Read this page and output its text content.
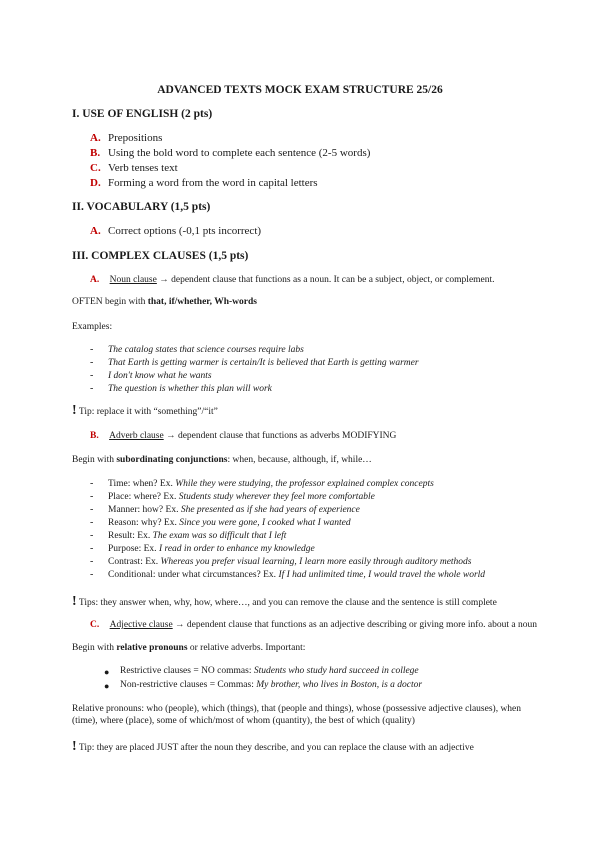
ADVANCED TEXTS MOCK EXAM STRUCTURE 25/26
I. USE OF ENGLISH (2 pts)
A. Prepositions
B. Using the bold word to complete each sentence (2-5 words)
C. Verb tenses text
D. Forming a word from the word in capital letters
II. VOCABULARY (1,5 pts)
A. Correct options (-0,1 pts incorrect)
III. COMPLEX CLAUSES (1,5 pts)
A. Noun clause → dependent clause that functions as a noun. It can be a subject, object, or complement.
OFTEN begin with that, if/whether, Wh-words
Examples:
- The catalog states that science courses require labs
- That Earth is getting warmer is certain/It is believed that Earth is getting warmer
- I don't know what he wants
- The question is whether this plan will work
! Tip: replace it with “something”/“it”
B. Adverb clause → dependent clause that functions as adverbs MODIFYING
Begin with subordinating conjunctions: when, because, although, if, while…
- Time: when? Ex. While they were studying, the professor explained complex concepts
- Place: where? Ex. Students study wherever they feel more comfortable
- Manner: how? Ex. She presented as if she had years of experience
- Reason: why? Ex. Since you were gone, I cooked what I wanted
- Result: Ex. The exam was so difficult that I left
- Purpose: Ex. I read in order to enhance my knowledge
- Contrast: Ex. Whereas you prefer visual learning, I learn more easily through auditory methods
- Conditional: under what circumstances? Ex. If I had unlimited time, I would travel the whole world
! Tips: they answer when, why, how, where…, and you can remove the clause and the sentence is still complete
C. Adjective clause → dependent clause that functions as an adjective describing or giving more info. about a noun
Begin with relative pronouns or relative adverbs. Important:
● Restrictive clauses = NO commas: Students who study hard succeed in college
● Non-restrictive clauses = Commas: My brother, who lives in Boston, is a doctor
Relative pronouns: who (people), which (things), that (people and things), whose (possessive adjective clauses), when (time), where (place), some of which/most of whom (quantity), the best of which (quality)
! Tip: they are placed JUST after the noun they describe, and you can replace the clause with an adjective
